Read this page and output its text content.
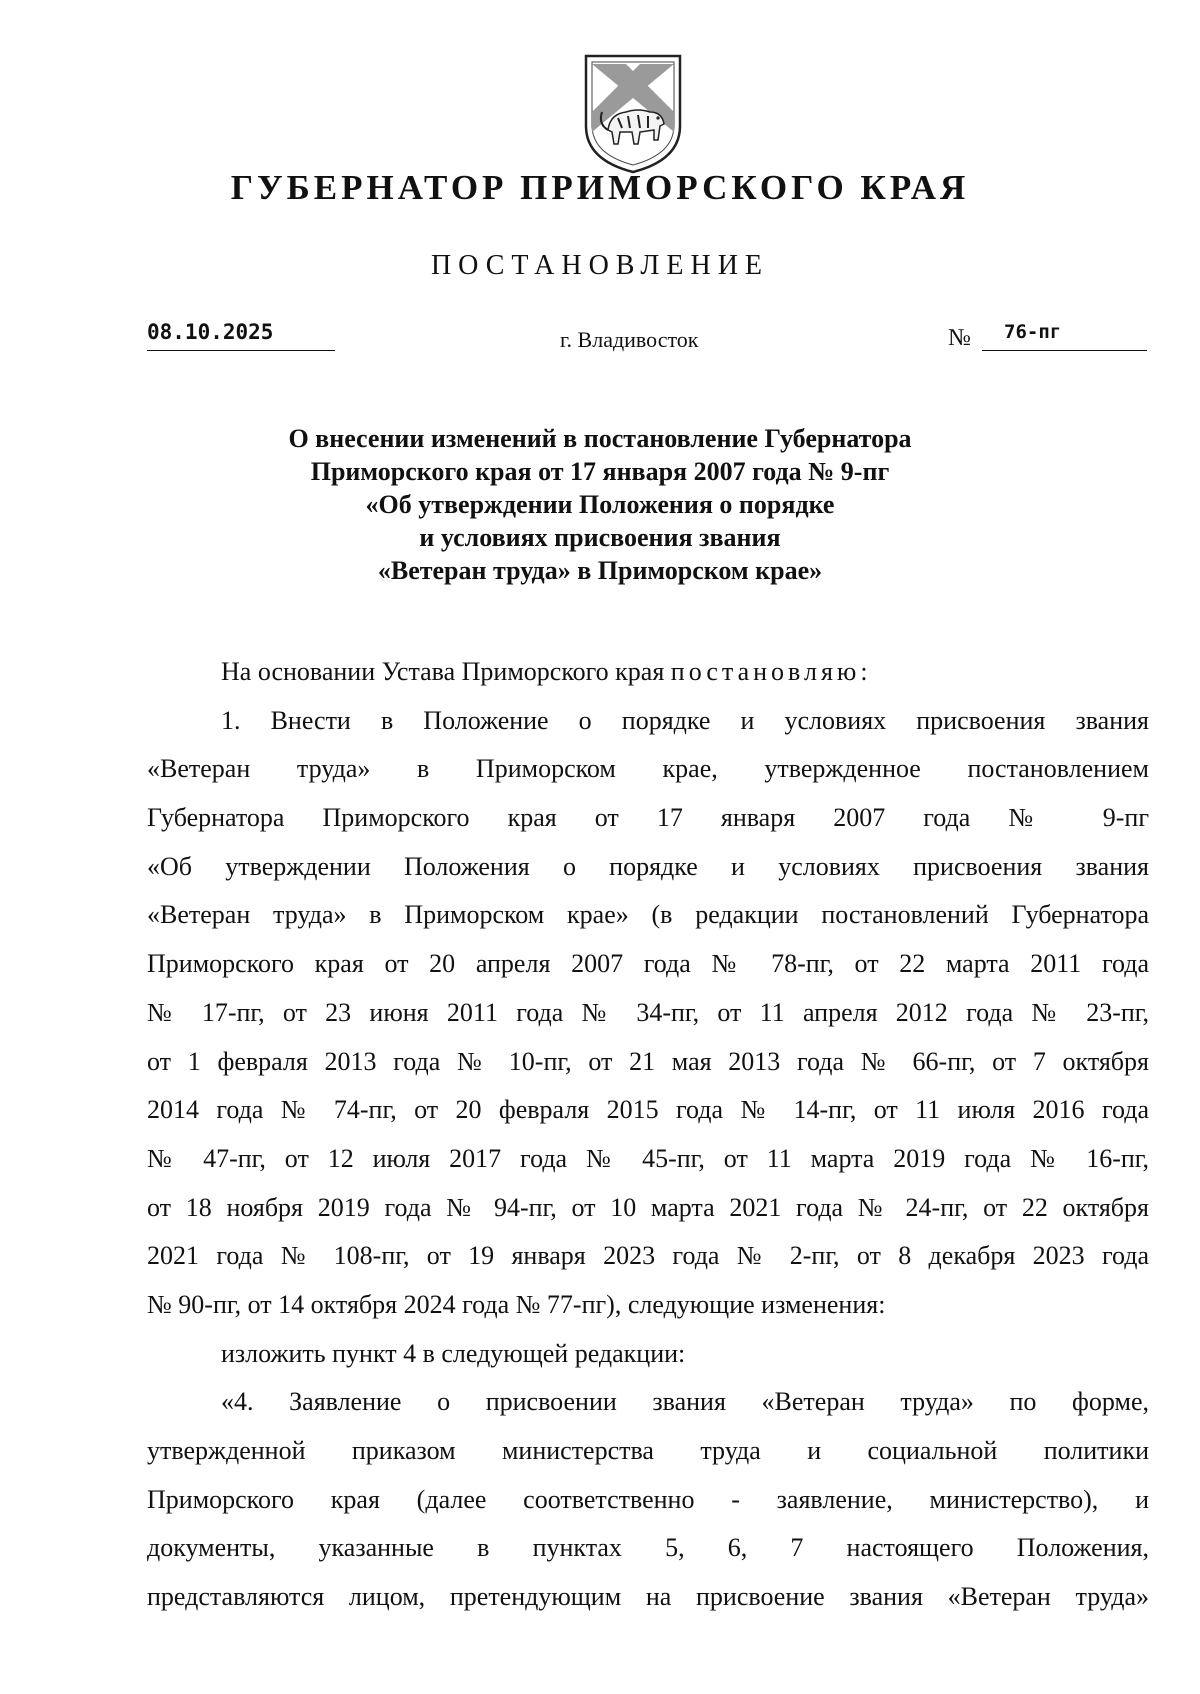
ГУБЕРНАТОР ПРИМОРСКОГО КРАЯ
ПОСТАНОВЛЕНИЕ
08.10.2025	г. Владивосток	№ 76-пг
О внесении изменений в постановление Губернатора
Приморского края от 17 января 2007 года № 9-пг
«Об утверждении Положения о порядке
и условиях присвоения звания
«Ветеран труда» в Приморском крае»
На основании Устава Приморского края постановляю:
1. Внести в Положение о порядке и условиях присвоения звания
«Ветеран труда» в Приморском крае, утвержденное постановлением
Губернатора Приморского края от 17 января 2007 года № 9-пг
«Об утверждении Положения о порядке и условиях присвоения звания
«Ветеран труда» в Приморском крае» (в редакции постановлений Губернатора
Приморского края от 20 апреля 2007 года № 78-пг, от 22 марта 2011 года
№ 17-пг, от 23 июня 2011 года № 34-пг, от 11 апреля 2012 года № 23-пг,
от 1 февраля 2013 года № 10-пг, от 21 мая 2013 года № 66-пг, от 7 октября
2014 года № 74-пг, от 20 февраля 2015 года № 14-пг, от 11 июля 2016 года
№ 47-пг, от 12 июля 2017 года № 45-пг, от 11 марта 2019 года № 16-пг,
от 18 ноября 2019 года № 94-пг, от 10 марта 2021 года № 24-пг, от 22 октября
2021 года № 108-пг, от 19 января 2023 года № 2-пг, от 8 декабря 2023 года
№ 90-пг, от 14 октября 2024 года № 77-пг), следующие изменения:
изложить пункт 4 в следующей редакции:
«4. Заявление о присвоении звания «Ветеран труда» по форме,
утвержденной приказом министерства труда и социальной политики
Приморского края (далее соответственно - заявление, министерство), и
документы, указанные в пунктах 5, 6, 7 настоящего Положения,
представляются лицом, претендующим на присвоение звания «Ветеран труда»
